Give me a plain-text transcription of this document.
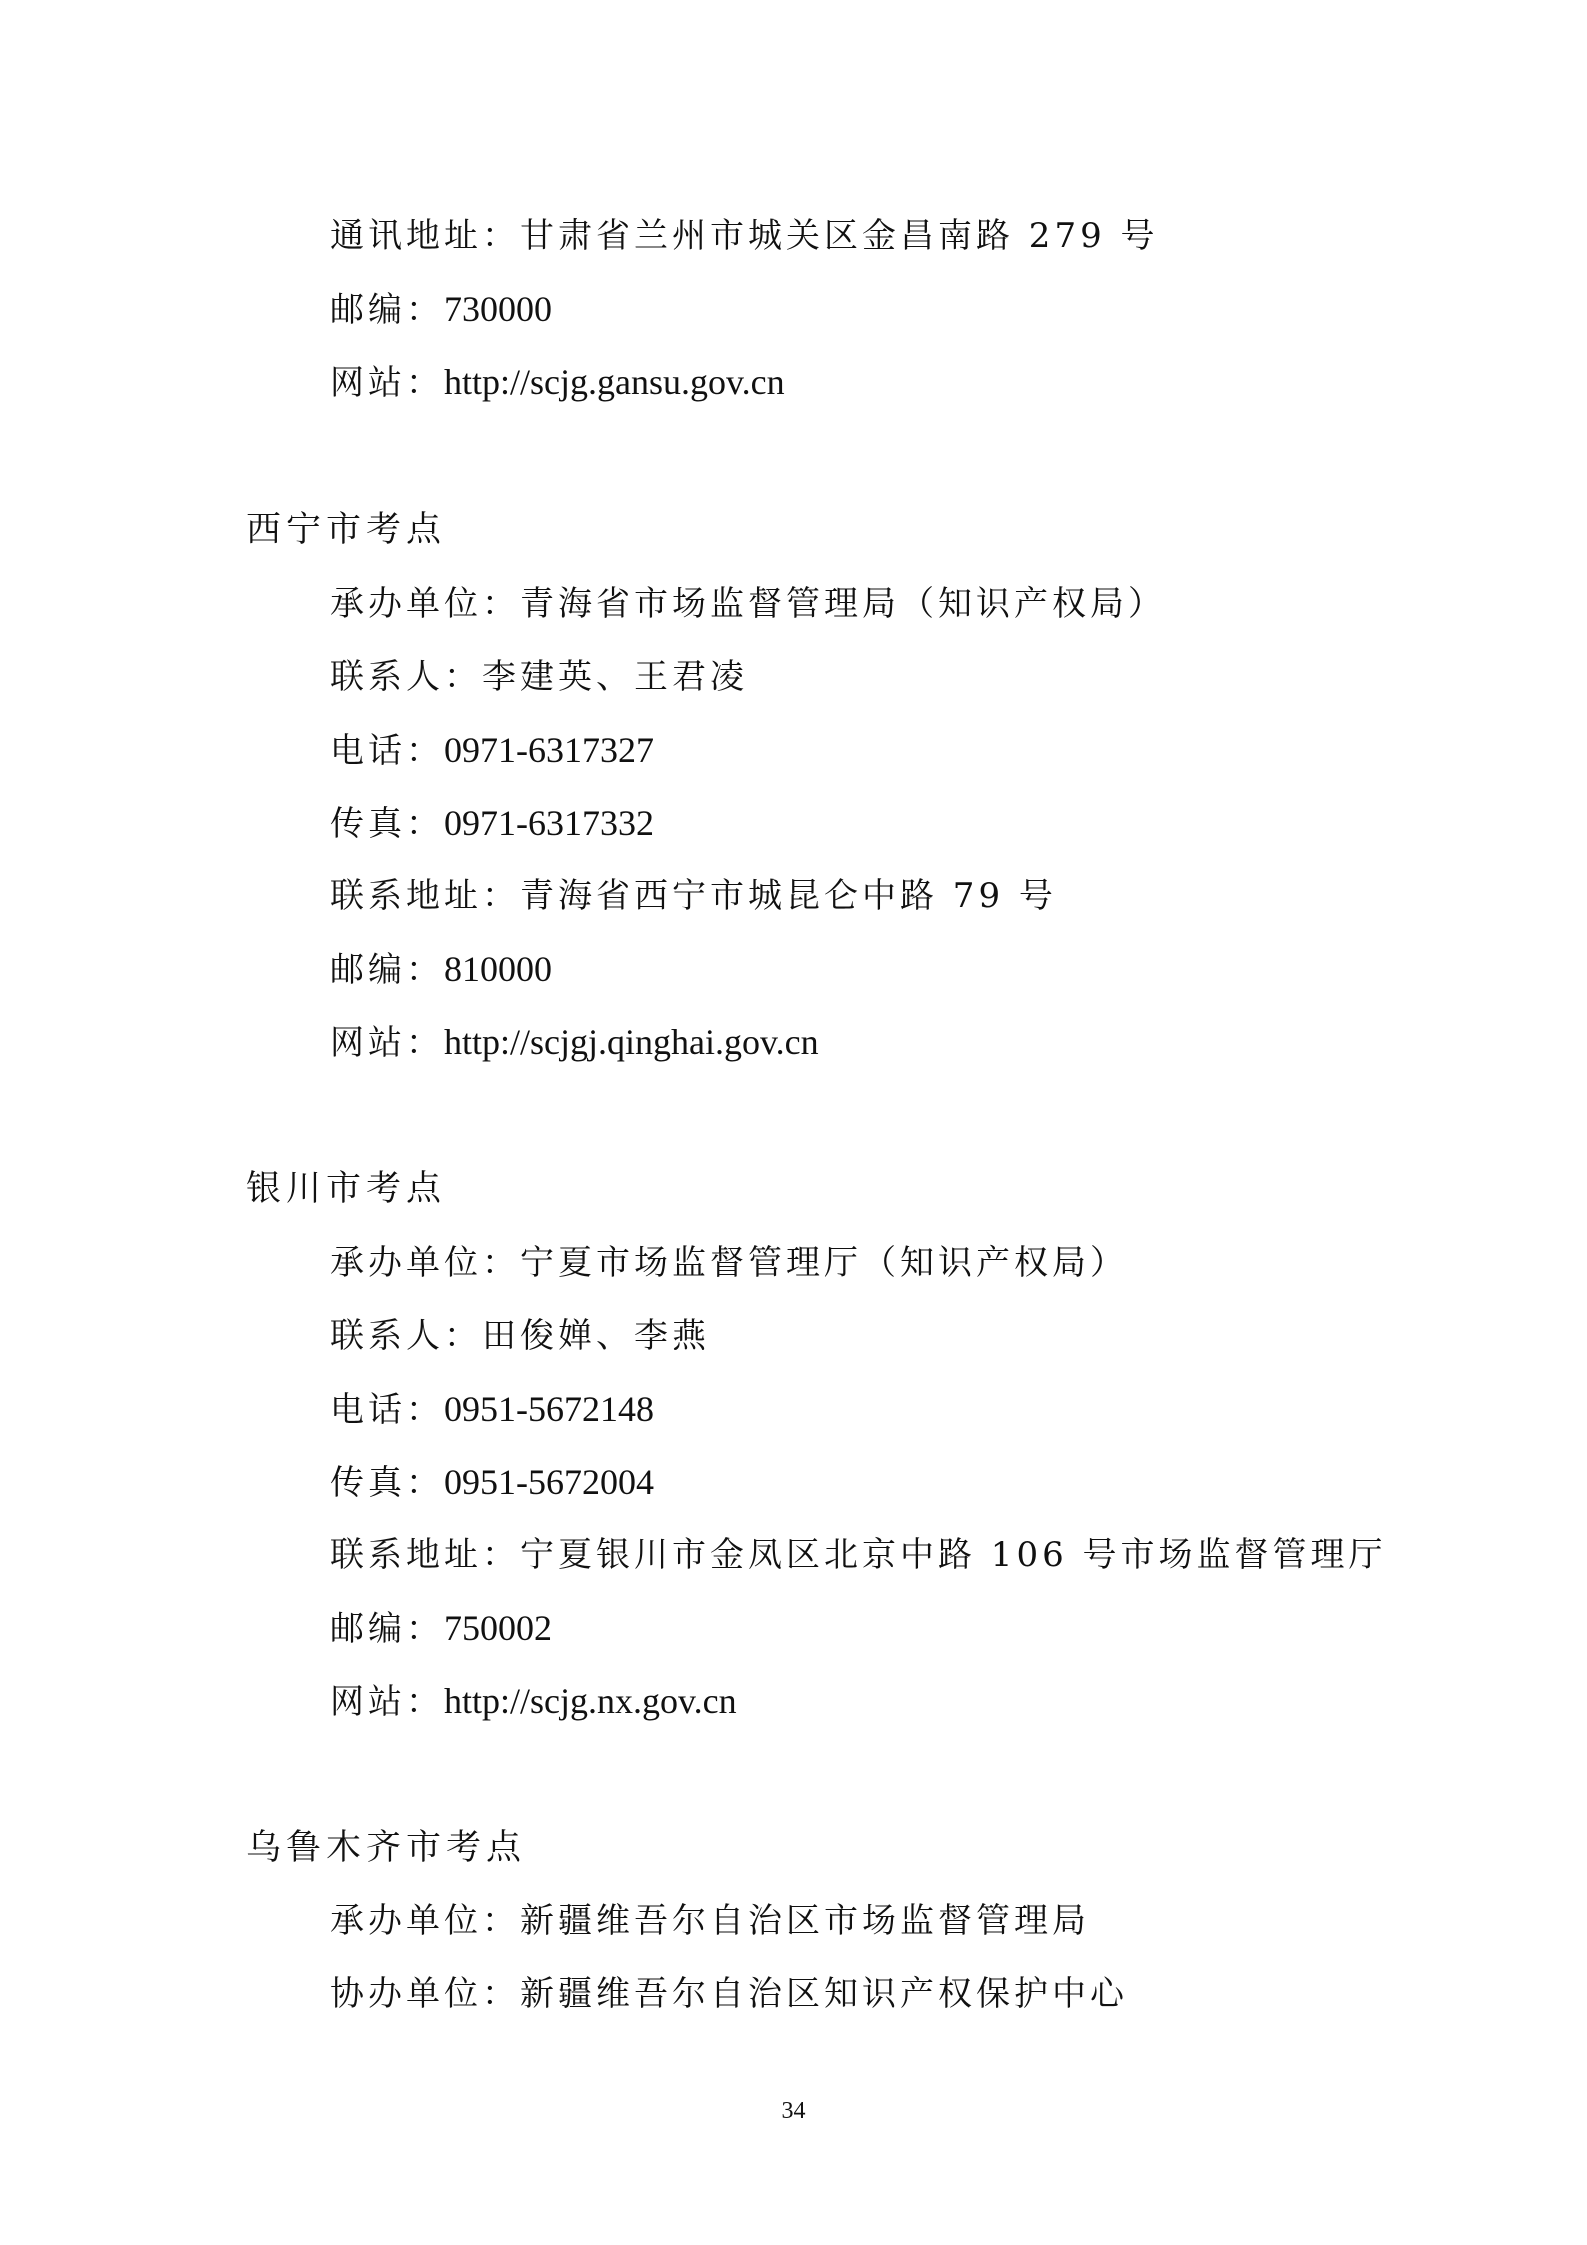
通讯地址：甘肃省兰州市城关区金昌南路 279 号
邮编：730000
网站：http://scjg.gansu.gov.cn
西宁市考点
承办单位：青海省市场监督管理局（知识产权局）
联系人：李建英、王君凌
电话：0971-6317327
传真：0971-6317332
联系地址：青海省西宁市城昆仑中路 79 号
邮编：810000
网站：http://scjgj.qinghai.gov.cn
银川市考点
承办单位：宁夏市场监督管理厅（知识产权局）
联系人：田俊婵、李燕
电话：0951-5672148
传真：0951-5672004
联系地址：宁夏银川市金凤区北京中路 106 号市场监督管理厅
邮编：750002
网站：http://scjg.nx.gov.cn
乌鲁木齐市考点
承办单位：新疆维吾尔自治区市场监督管理局
协办单位：新疆维吾尔自治区知识产权保护中心
34
